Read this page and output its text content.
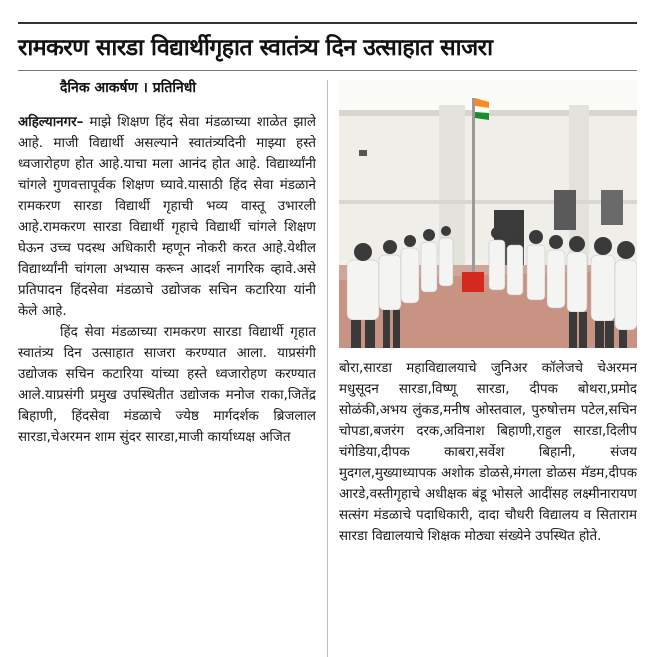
रामकरण सारडा विद्यार्थीगृहात स्वातंत्र्य दिन उत्साहात साजरा
दैनिक आकर्षण । प्रतिनिधी

अहिल्यानगर– माझे शिक्षण हिंद सेवा मंडळाच्या शाळेत झाले आहे. माजी विद्यार्थी असल्याने स्वातंत्र्यदिनी माझ्या हस्ते ध्वजारोहण होत आहे.याचा मला आनंद होत आहे. विद्यार्थ्यांनी चांगले गुणवत्तापूर्वक शिक्षण घ्यावे.यासाठी हिंद सेवा मंडळाने रामकरण सारडा विद्यार्थी गृहाची भव्य वास्तू उभारली आहे.रामकरण सारडा विद्यार्थी गृहाचे विद्यार्थी चांगले शिक्षण घेऊन उच्च पदस्थ अधिकारी म्हणून नोकरी करत आहे.येथील विद्यार्थ्यांनी चांगला अभ्यास करून आदर्श नागरिक व्हावे.असे प्रतिपादन हिंदसेवा मंडळाचे उद्योजक सचिन कटारिया यांनी केले आहे.

हिंद सेवा मंडळाच्या रामकरण सारडा विद्यार्थी गृहात स्वातंत्र्य दिन उत्साहात साजरा करण्यात आला. याप्रसंगी उद्योजक सचिन कटारिया यांच्या हस्ते ध्वजारोहण करण्यात आले.याप्रसंगी प्रमुख उपस्थितीत उद्योजक मनोज राका,जितेंद्र बिहाणी, हिंदसेवा मंडळाचे ज्येष्ठ मार्गदर्शक ब्रिजलाल सारडा,चेअरमन शाम सुंदर सारडा,माजी कार्याध्यक्ष अजित

बोरा,सारडा महाविद्यालयाचे जुनिअर कॉलेजचे चेअरमन मधुसूदन सारडा,विष्णू सारडा, दीपक बोथरा,प्रमोद सोळंकी,अभय लुंकड,मनीष ओस्तवाल, पुरुषोत्तम पटेल,सचिन चोपडा,बजरंग दरक,अविनाश बिहाणी,राहुल सारडा,दिलीप चंगेडिया,दीपक काबरा,सर्वेश बिहानी, संजय मुदगल,मुख्याध्यापक अशोक डोळसे,मंगला डोळस मॅडम,दीपक आरडे,वस्तीगृहाचे अधीक्षक बंडू भोसले आदींसह लक्ष्मीनारायण सत्संग मंडळाचे पदाधिकारी, दादा चौधरी विद्यालय व सिताराम सारडा विद्यालयाचे शिक्षक मोठ्या संख्येने उपस्थित होते.
